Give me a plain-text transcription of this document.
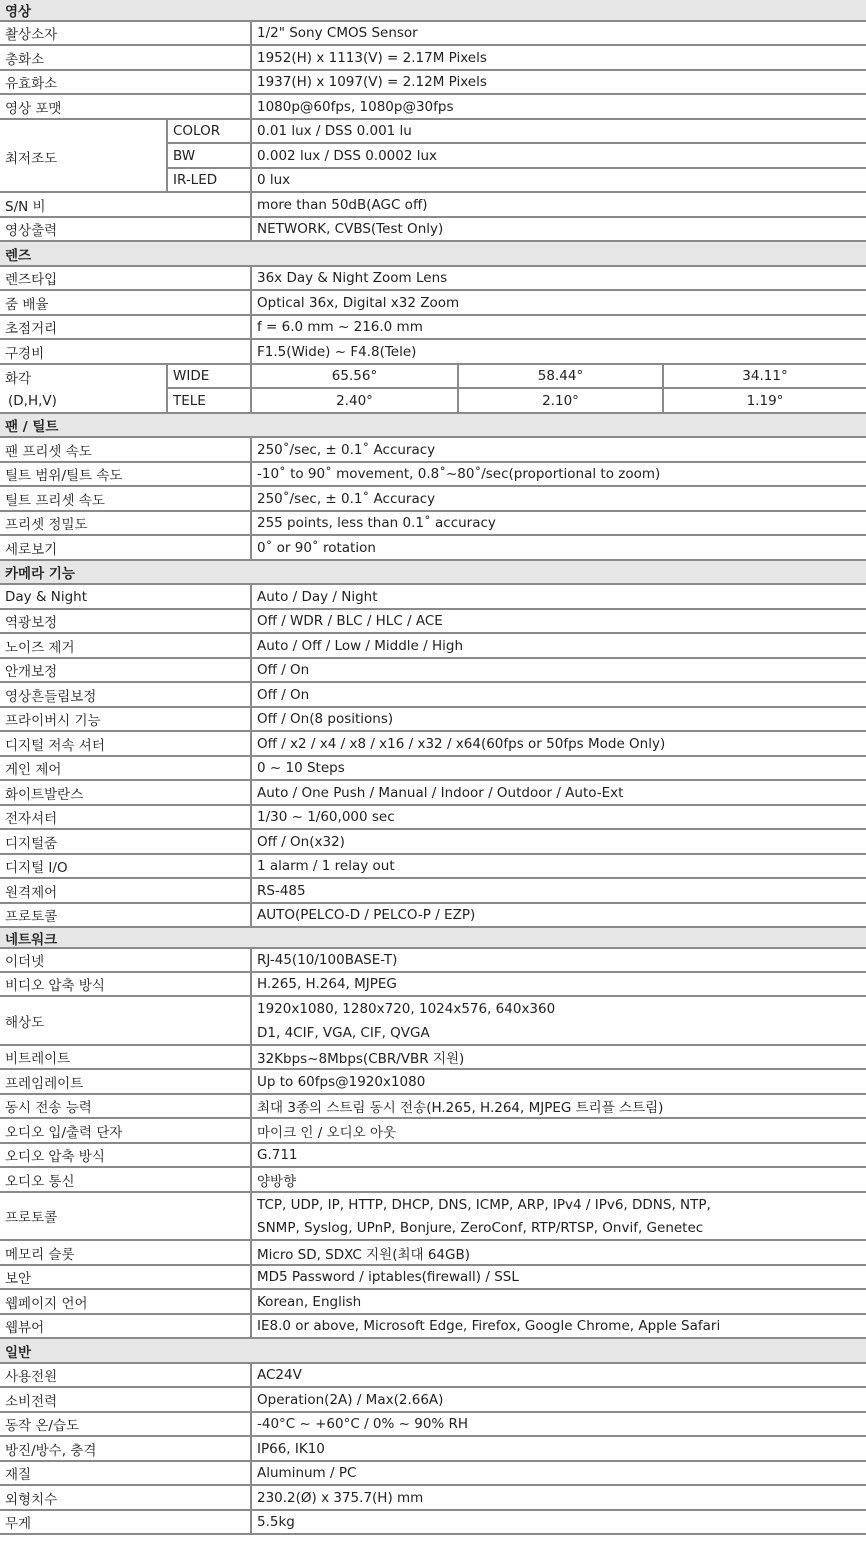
영상
촬상소자	1/2" Sony CMOS Sensor
총화소	1952(H) x 1113(V) = 2.17M Pixels
유효화소	1937(H) x 1097(V) = 2.12M Pixels
영상 포맷	1080p@60fps, 1080p@30fps
최저조도
COLOR	0.01 lux / DSS 0.001 lu
BW	0.002 lux / DSS 0.0002 lux
IR-LED	0 lux
S/N 비	more than 50dB(AGC off)
영상출력	NETWORK, CVBS(Test Only)
렌즈
렌즈타입	36x Day & Night Zoom Lens
줌 배율	Optical 36x, Digital x32 Zoom
초점거리	f = 6.0 mm ~ 216.0 mm
구경비	F1.5(Wide) ~ F4.8(Tele)
화각
(D,H,V)
WIDE	65.56°	58.44°	34.11°
TELE	2.40°	2.10°	1.19°
팬 / 틸트
팬 프리셋 속도	250˚/sec, ± 0.1˚ Accuracy
틸트 범위/틸트 속도	-10˚ to 90˚ movement, 0.8˚~80˚/sec(proportional to zoom)
틸트 프리셋 속도	250˚/sec, ± 0.1˚ Accuracy
프리셋 정밀도	255 points, less than 0.1˚ accuracy
세로보기	0˚ or 90˚ rotation
카메라 기능
Day & Night	Auto / Day / Night
역광보정	Off / WDR / BLC / HLC / ACE
노이즈 제거	Auto / Off / Low / Middle / High
안개보정	Off / On
영상흔들림보정	Off / On
프라이버시 기능	Off / On(8 positions)
디지털 저속 셔터	Off / x2 / x4 / x8 / x16 / x32 / x64(60fps or 50fps Mode Only)
게인 제어	0 ~ 10 Steps
화이트발란스	Auto / One Push / Manual / Indoor / Outdoor / Auto-Ext
전자셔터	1/30 ~ 1/60,000 sec
디지털줌	Off / On(x32)
디지털 I/O	1 alarm / 1 relay out
원격제어	RS-485
프로토콜	AUTO(PELCO-D / PELCO-P / EZP)
네트워크
이더넷	RJ-45(10/100BASE-T)
비디오 압축 방식	H.265, H.264, MJPEG
해상도
1920x1080, 1280x720, 1024x576, 640x360
D1, 4CIF, VGA, CIF, QVGA
비트레이트	32Kbps~8Mbps(CBR/VBR 지원)
프레임레이트	Up to 60fps@1920x1080
동시 전송 능력	최대 3종의 스트림 동시 전송(H.265, H.264, MJPEG 트리플 스트림)
오디오 입/출력 단자	마이크 인 / 오디오 아웃
오디오 압축 방식	G.711
오디오 통신	양방향
프로토콜
TCP, UDP, IP, HTTP, DHCP, DNS, ICMP, ARP, IPv4 / IPv6, DDNS, NTP,
SNMP, Syslog, UPnP, Bonjure, ZeroConf, RTP/RTSP, Onvif, Genetec
메모리 슬롯	Micro SD, SDXC 지원(최대 64GB)
보안	MD5 Password / iptables(firewall) / SSL
웹페이지 언어	Korean, English
웹뷰어	IE8.0 or above, Microsoft Edge, Firefox, Google Chrome, Apple Safari
일반
사용전원	AC24V
소비전력	Operation(2A) / Max(2.66A)
동작 온/습도	-40°C ~ +60°C / 0% ~ 90% RH
방진/방수, 충격	IP66, IK10
재질	Aluminum / PC
외형치수	230.2(Ø) x 375.7(H) mm
무게	5.5kg
